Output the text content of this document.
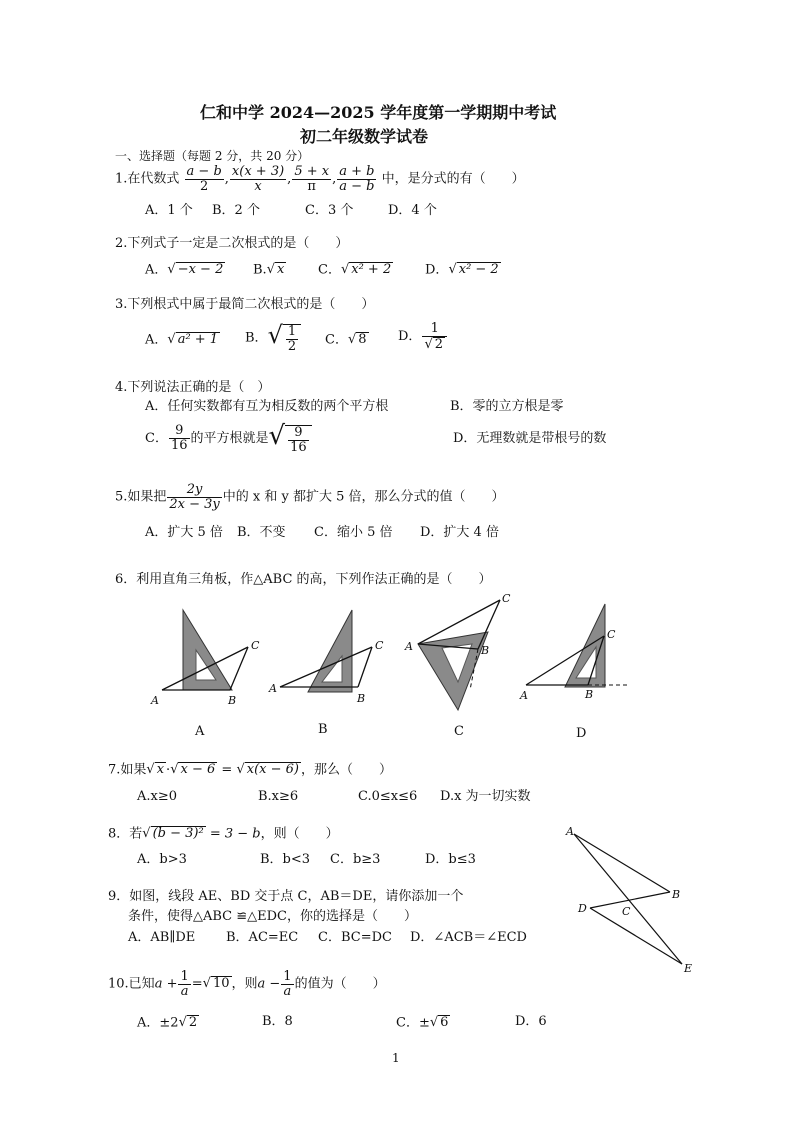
仁和中学 2024—2025 学年度第一学期期中考试
初二年级数学试卷
一、选择题（每题 2 分，共 20 分）
1.在代数式 $\frac{a - b}{2}$ , $\frac{x(x + 3)}{x}$ , $\frac{5 + x}{\pi}$ , $\frac{a + b}{a - b}$ 中，是分式的有（　　）
A．1 个 B．2 个	C．3 个	D．4 个
2.下列式子一定是二次根式的是（　　）
A．√ −x − 2 B.√ x	C．√ x² + 2	D．√ x² − 2
3.下列根式中属于最简二次根式的是（　　）
A．√ a² + 1 B．√ $\frac{1}{2}$ C．√ 8 D． $\frac{1}{√ 2}$
4.下列说法正确的是（　）
A．任何实数都有互为相反数的两个平方根	B．零的立方根是零
C． $\frac{9}{16}$ 的平方根就是√ $\frac{9}{16}$	D．无理数就是带根号的数
5.如果把 $\frac{2y}{2x - 3y}$ 中的 x 和 y 都扩大 5 倍，那么分式的值（　　）
A．扩大 5 倍 B．不变 C．缩小 5 倍 D．扩大 4 倍
6．利用直角三角板，作△ABC 的高，下列作法正确的是（　　）
A	B
C
A
B
C A	B
C
A	B
C
A	B	C	D
7.如果√ x ·√ x − 6 = √ x(x − 6) ，那么（　　）
A.x≥0	B.x≥6	C.0≤x≤6 D.x 为一切实数
8．若√ (b − 3)² = 3 − b，则（　　）
A．b>3	B．b<3 C．b≥3	D．b≤3
A
B
C
D
E
9．如图，线段 AE、BD 交于点 C，AB＝DE，请你添加一个
条件，使得△ABC ≌△EDC，你的选择是（　　）
A．AB∥DE B．AC=EC C．BC=DC D．∠ACB＝∠ECD
10.已知$a + \frac{1}{a}$ =√ 10 ，则$a - \frac{1}{a}$ 的值为（　　）
A．±2√ 2	B．8	C．±√ 6	D．6
1
